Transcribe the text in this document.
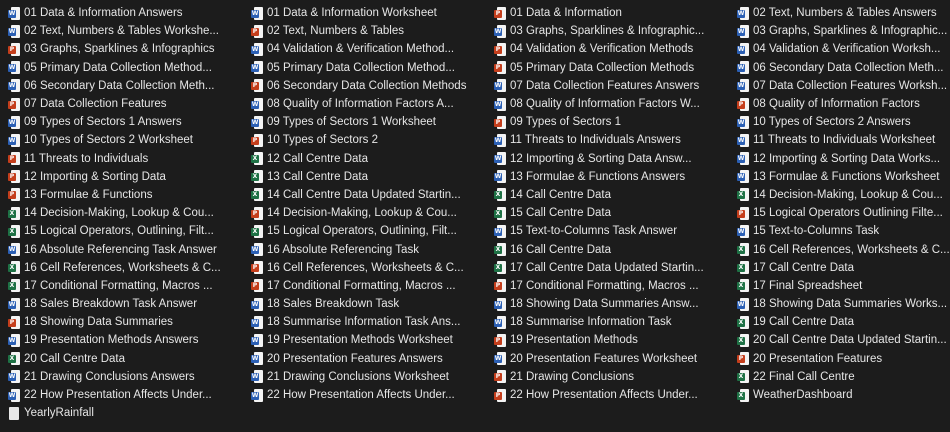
W 01 Data & Information Answers
W 02 Text, Numbers & Tables Workshe...
P 03 Graphs, Sparklines & Infographics
W 05 Primary Data Collection Method...
W 06 Secondary Data Collection Meth...
P 07 Data Collection Features
W 09 Types of Sectors 1 Answers
W 10 Types of Sectors 2 Worksheet
P 11 Threats to Individuals
P 12 Importing & Sorting Data
P 13 Formulae & Functions
X 14 Decision-Making, Lookup & Cou...
X 15 Logical Operators, Outlining, Filt...
W 16 Absolute Referencing Task Answer
X 16 Cell References, Worksheets & C...
X 17 Conditional Formatting, Macros ...
W 18 Sales Breakdown Task Answer
P 18 Showing Data Summaries
W 19 Presentation Methods Answers
X 20 Call Centre Data
W 21 Drawing Conclusions Answers
W 22 How Presentation Affects Under...
YearlyRainfall
W 01 Data & Information Worksheet
P 02 Text, Numbers & Tables
W 04 Validation & Verification Method...
W 05 Primary Data Collection Method...
P 06 Secondary Data Collection Methods
W 08 Quality of Information Factors A...
W 09 Types of Sectors 1 Worksheet
P 10 Types of Sectors 2
X 12 Call Centre Data
X 13 Call Centre Data
X 14 Call Centre Data Updated Startin...
P 14 Decision-Making, Lookup & Cou...
X 15 Logical Operators, Outlining, Filt...
W 16 Absolute Referencing Task
P 16 Cell References, Worksheets & C...
P 17 Conditional Formatting, Macros ...
W 18 Sales Breakdown Task
W 18 Summarise Information Task Ans...
W 19 Presentation Methods Worksheet
W 20 Presentation Features Answers
W 21 Drawing Conclusions Worksheet
W 22 How Presentation Affects Under...
P 01 Data & Information
W 03 Graphs, Sparklines & Infographic...
P 04 Validation & Verification Methods
P 05 Primary Data Collection Methods
W 07 Data Collection Features Answers
W 08 Quality of Information Factors W...
P 09 Types of Sectors 1
W 11 Threats to Individuals Answers
W 12 Importing & Sorting Data Answ...
W 13 Formulae & Functions Answers
X 14 Call Centre Data
X 15 Call Centre Data
W 15 Text-to-Columns Task Answer
X 16 Call Centre Data
X 17 Call Centre Data Updated Startin...
P 17 Conditional Formatting, Macros ...
W 18 Showing Data Summaries Answ...
W 18 Summarise Information Task
P 19 Presentation Methods
W 20 Presentation Features Worksheet
P 21 Drawing Conclusions
P 22 How Presentation Affects Under...
W 02 Text, Numbers & Tables Answers
W 03 Graphs, Sparklines & Infographic...
W 04 Validation & Verification Worksh...
W 06 Secondary Data Collection Meth...
W 07 Data Collection Features Worksh...
P 08 Quality of Information Factors
W 10 Types of Sectors 2 Answers
W 11 Threats to Individuals Worksheet
W 12 Importing & Sorting Data Works...
W 13 Formulae & Functions Worksheet
X 14 Decision-Making, Lookup & Cou...
P 15 Logical Operators Outlining Filte...
W 15 Text-to-Columns Task
X 16 Cell References, Worksheets & C...
X 17 Call Centre Data
X 17 Final Spreadsheet
W 18 Showing Data Summaries Works...
X 19 Call Centre Data
X 20 Call Centre Data Updated Startin...
P 20 Presentation Features
X 22 Final Call Centre
X WeatherDashboard
